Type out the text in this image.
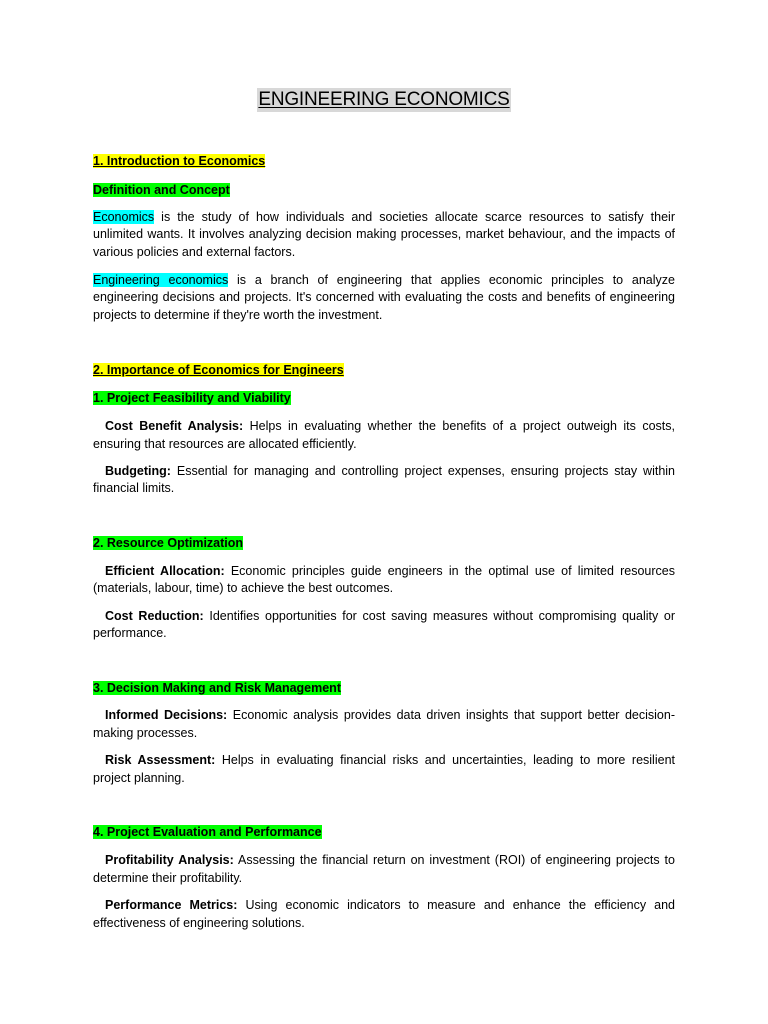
ENGINEERING ECONOMICS
1. Introduction to Economics
Definition and Concept

Economics is the study of how individuals and societies allocate scarce resources to satisfy their unlimited wants. It involves analyzing decision making processes, market behaviour, and the impacts of various policies and external factors.

Engineering economics is a branch of engineering that applies economic principles to analyze engineering decisions and projects. It's concerned with evaluating the costs and benefits of engineering projects to determine if they're worth the investment.

2. Importance of Economics for Engineers
1. Project Feasibility and Viability

Cost Benefit Analysis: Helps in evaluating whether the benefits of a project outweigh its costs, ensuring that resources are allocated efficiently.

Budgeting: Essential for managing and controlling project expenses, ensuring projects stay within financial limits.

2. Resource Optimization

Efficient Allocation: Economic principles guide engineers in the optimal use of limited resources (materials, labour, time) to achieve the best outcomes.

Cost Reduction: Identifies opportunities for cost saving measures without compromising quality or performance.

3. Decision Making and Risk Management

Informed Decisions: Economic analysis provides data driven insights that support better decision-making processes.

Risk Assessment: Helps in evaluating financial risks and uncertainties, leading to more resilient project planning.

4. Project Evaluation and Performance

Profitability Analysis: Assessing the financial return on investment (ROI) of engineering projects to determine their profitability.

Performance Metrics: Using economic indicators to measure and enhance the efficiency and effectiveness of engineering solutions.
